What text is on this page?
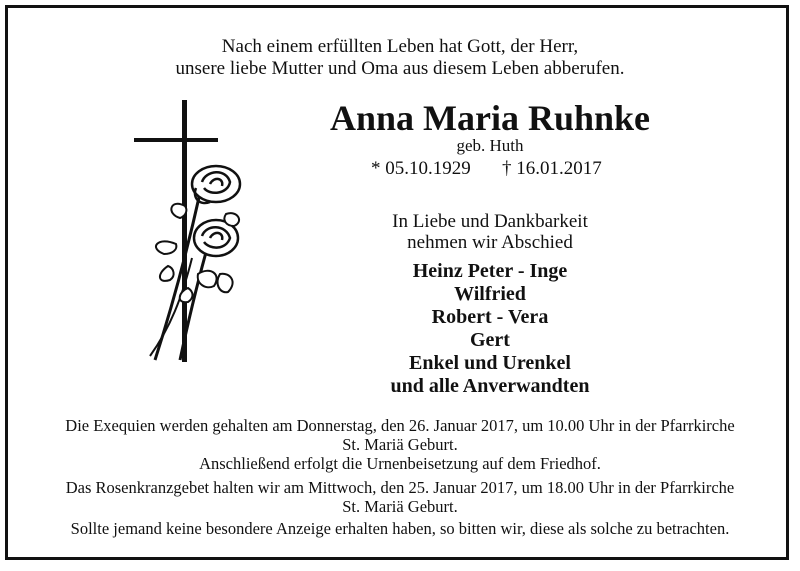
Nach einem erfüllten Leben hat Gott, der Herr,
unsere liebe Mutter und Oma aus diesem Leben abberufen.
Anna Maria Ruhnke
geb. Huth
* 05.10.1929 † 16.01.2017
In Liebe und Dankbarkeit
nehmen wir Abschied
Heinz Peter - Inge
Wilfried
Robert - Vera
Gert
Enkel und Urenkel
und alle Anverwandten
Die Exequien werden gehalten am Donnerstag, den 26. Januar 2017, um 10.00 Uhr in der Pfarrkirche
St. Mariä Geburt.
Anschließend erfolgt die Urnenbeisetzung auf dem Friedhof.
Das Rosenkranzgebet halten wir am Mittwoch, den 25. Januar 2017, um 18.00 Uhr in der Pfarrkirche
St. Mariä Geburt.
Sollte jemand keine besondere Anzeige erhalten haben, so bitten wir, diese als solche zu betrachten.
